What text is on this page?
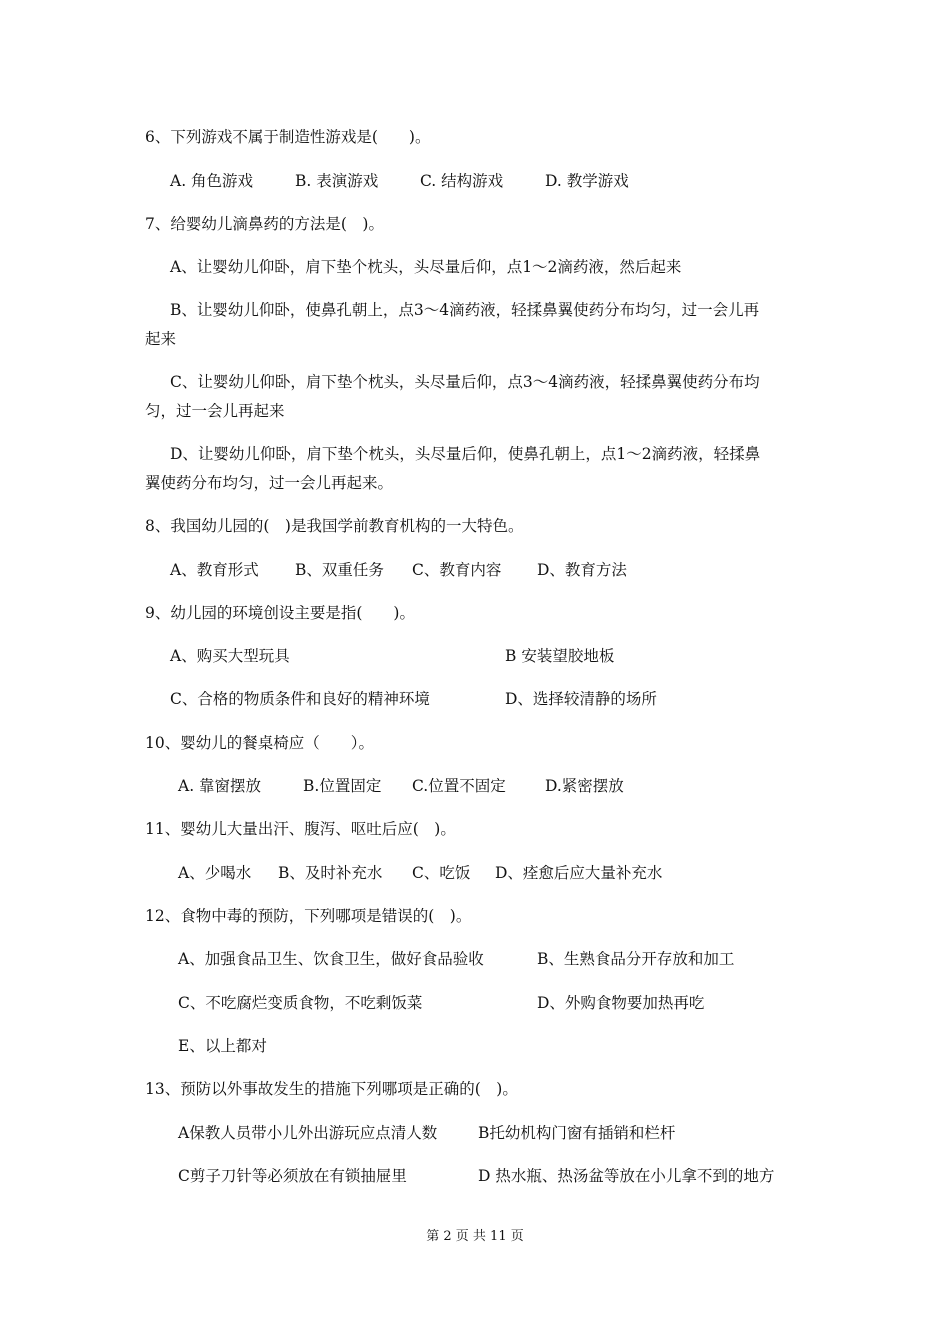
6、下列游戏不属于制造性游戏是(　　)。
A. 角色游戏	B. 表演游戏	C. 结构游戏	D. 教学游戏
7、给婴幼儿滴鼻药的方法是(　)。
A、让婴幼儿仰卧，肩下垫个枕头，头尽量后仰，点1～2滴药液，然后起来
B、让婴幼儿仰卧，使鼻孔朝上，点3～4滴药液，轻揉鼻翼使药分布均匀，过一会儿再
起来
C、让婴幼儿仰卧，肩下垫个枕头，头尽量后仰，点3～4滴药液，轻揉鼻翼使药分布均
匀，过一会儿再起来
D、让婴幼儿仰卧，肩下垫个枕头，头尽量后仰，使鼻孔朝上，点1～2滴药液，轻揉鼻
翼使药分布均匀，过一会儿再起来。
8、我国幼儿园的(　)是我国学前教育机构的一大特色。
A、教育形式 B、双重任务 C、教育内容 D、教育方法
9、幼儿园的环境创设主要是指(　　)。
A、购买大型玩具	B 安装望胶地板
C、合格的物质条件和良好的精神环境	D、选择较清静的场所
10、婴幼儿的餐桌椅应（　　）。
A. 靠窗摆放	B.位置固定 C.位置不固定	D.紧密摆放
11、婴幼儿大量出汗、腹泻、呕吐后应(　)。
A、少喝水 B、及时补充水 C、吃饭 D、痊愈后应大量补充水
12、食物中毒的预防，下列哪项是错误的(　)。
A、加强食品卫生、饮食卫生，做好食品验收	B、生熟食品分开存放和加工
C、不吃腐烂变质食物，不吃剩饭菜	D、外购食物要加热再吃
E、以上都对
13、预防以外事故发生的措施下列哪项是正确的(　)。
A保教人员带小儿外出游玩应点清人数	B托幼机构门窗有插销和栏杆
C剪子刀针等必须放在有锁抽屉里	D 热水瓶、热汤盆等放在小儿拿不到的地方
第 2 页 共 11 页
